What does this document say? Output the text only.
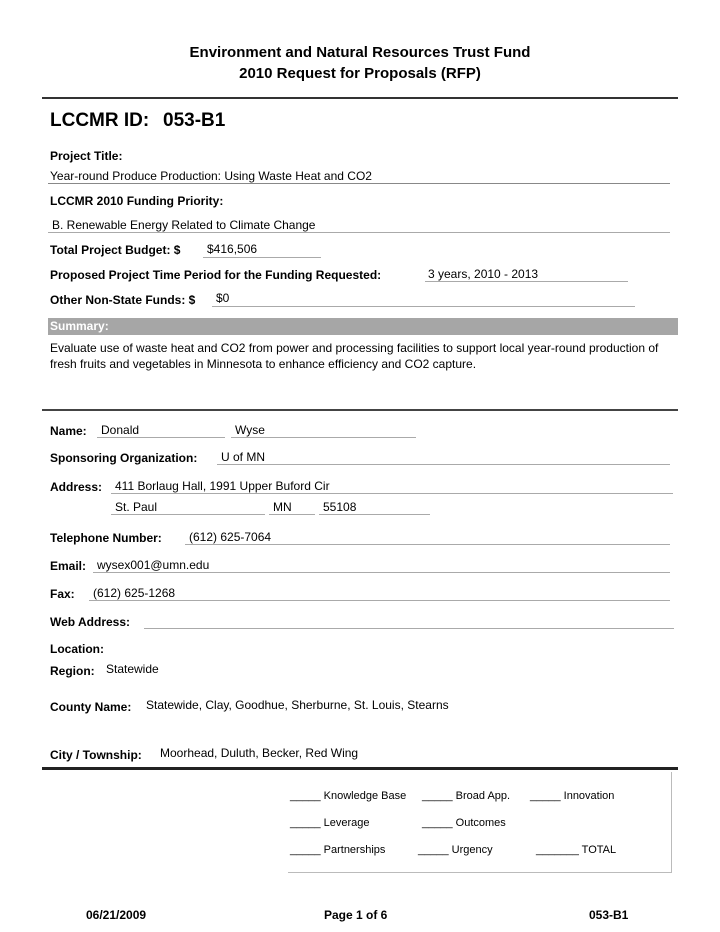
Environment and Natural Resources Trust Fund
2010 Request for Proposals (RFP)
LCCMR ID: 053-B1
Project Title:
Year-round Produce Production: Using Waste Heat and CO2
LCCMR 2010 Funding Priority:
B. Renewable Energy Related to Climate Change
Total Project Budget: $ $416,506
Proposed Project Time Period for the Funding Requested:	3 years, 2010 - 2013
Other Non-State Funds: $ $0
Summary:
Evaluate use of waste heat and CO2 from power and processing facilities to support local year-round production of fresh fruits and vegetables in Minnesota to enhance efficiency and CO2 capture.
Name: Donald	Wyse
Sponsoring Organization: U of MN
Address: 411 Borlaug Hall, 1991 Upper Buford Cir
St. Paul	MN	55108
Telephone Number: (612) 625-7064
Email: wysex001@umn.edu
Fax: (612) 625-1268
Web Address:
Location:
Region: Statewide
County Name: Statewide, Clay, Goodhue, Sherburne, St. Louis, Stearns
City / Township: Moorhead, Duluth, Becker, Red Wing
_____ Knowledge Base _____ Broad App. _____ Innovation
_____ Leverage	_____ Outcomes
_____ Partnerships	_____ Urgency	_______ TOTAL
06/21/2009	Page 1 of 6	053-B1
